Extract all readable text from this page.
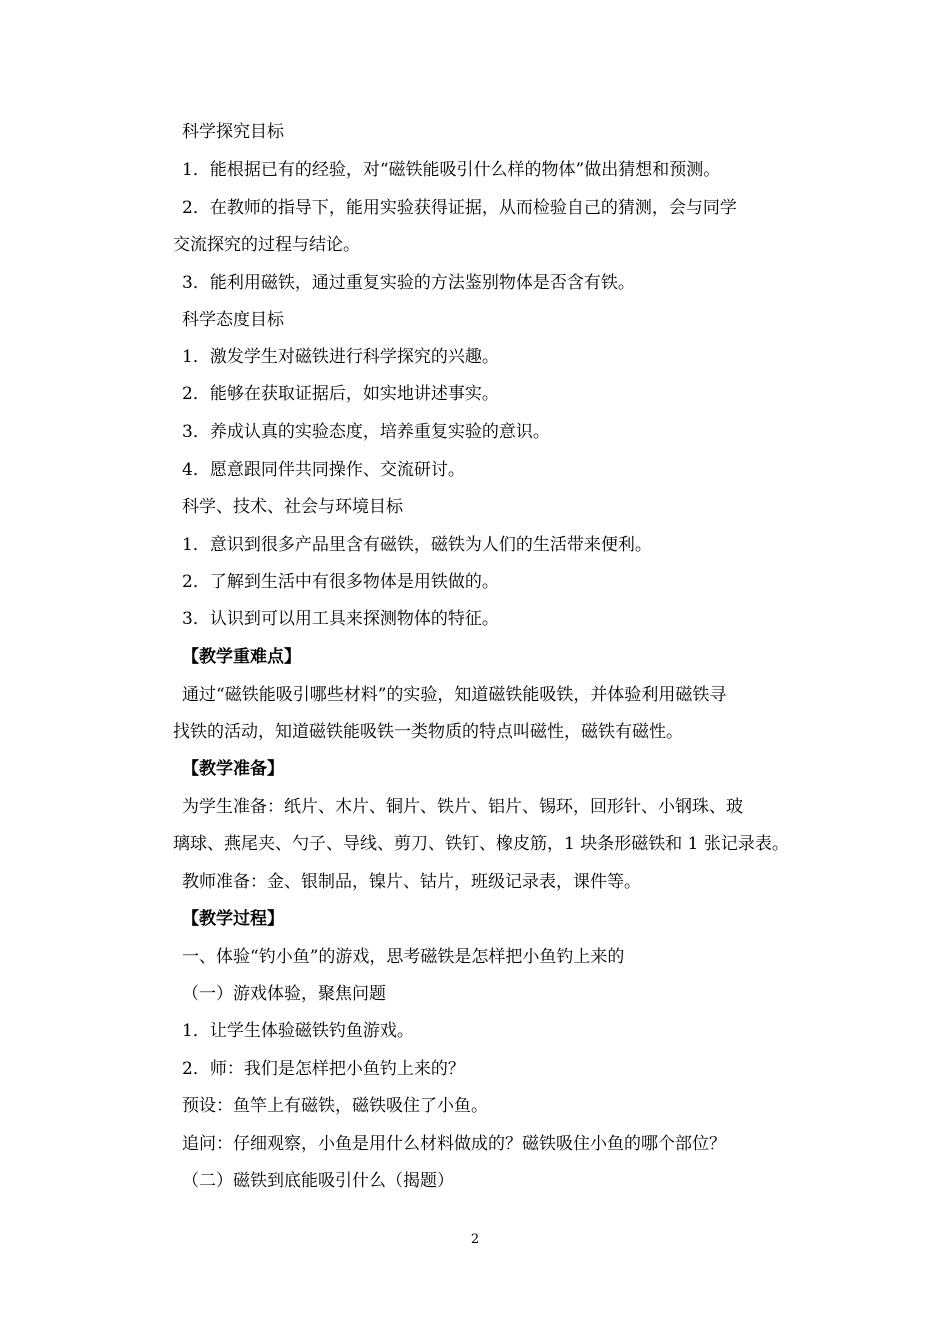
科学探究目标
1．能根据已有的经验，对“磁铁能吸引什么样的物体”做出猜想和预测。
2．在教师的指导下，能用实验获得证据，从而检验自己的猜测，会与同学
交流探究的过程与结论。
3．能利用磁铁，通过重复实验的方法鉴别物体是否含有铁。
科学态度目标
1．激发学生对磁铁进行科学探究的兴趣。
2．能够在获取证据后，如实地讲述事实。
3．养成认真的实验态度，培养重复实验的意识。
4．愿意跟同伴共同操作、交流研讨。
科学、技术、社会与环境目标
1．意识到很多产品里含有磁铁，磁铁为人们的生活带来便利。
2．了解到生活中有很多物体是用铁做的。
3．认识到可以用工具来探测物体的特征。
【教学重难点】
通过“磁铁能吸引哪些材料”的实验，知道磁铁能吸铁，并体验利用磁铁寻
找铁的活动，知道磁铁能吸铁一类物质的特点叫磁性，磁铁有磁性。
【教学准备】
为学生准备：纸片、木片、铜片、铁片、铝片、锡环，回形针、小钢珠、玻
璃球、燕尾夹、勺子、导线、剪刀、铁钉、橡皮筋，1 块条形磁铁和 1 张记录表。
教师准备：金、银制品，镍片、钴片，班级记录表，课件等。
【教学过程】
一、体验“钓小鱼”的游戏，思考磁铁是怎样把小鱼钓上来的
（一）游戏体验，聚焦问题
1．让学生体验磁铁钓鱼游戏。
2．师：我们是怎样把小鱼钓上来的？
预设：鱼竿上有磁铁，磁铁吸住了小鱼。
追问：仔细观察，小鱼是用什么材料做成的？磁铁吸住小鱼的哪个部位？
（二）磁铁到底能吸引什么（揭题）
2
